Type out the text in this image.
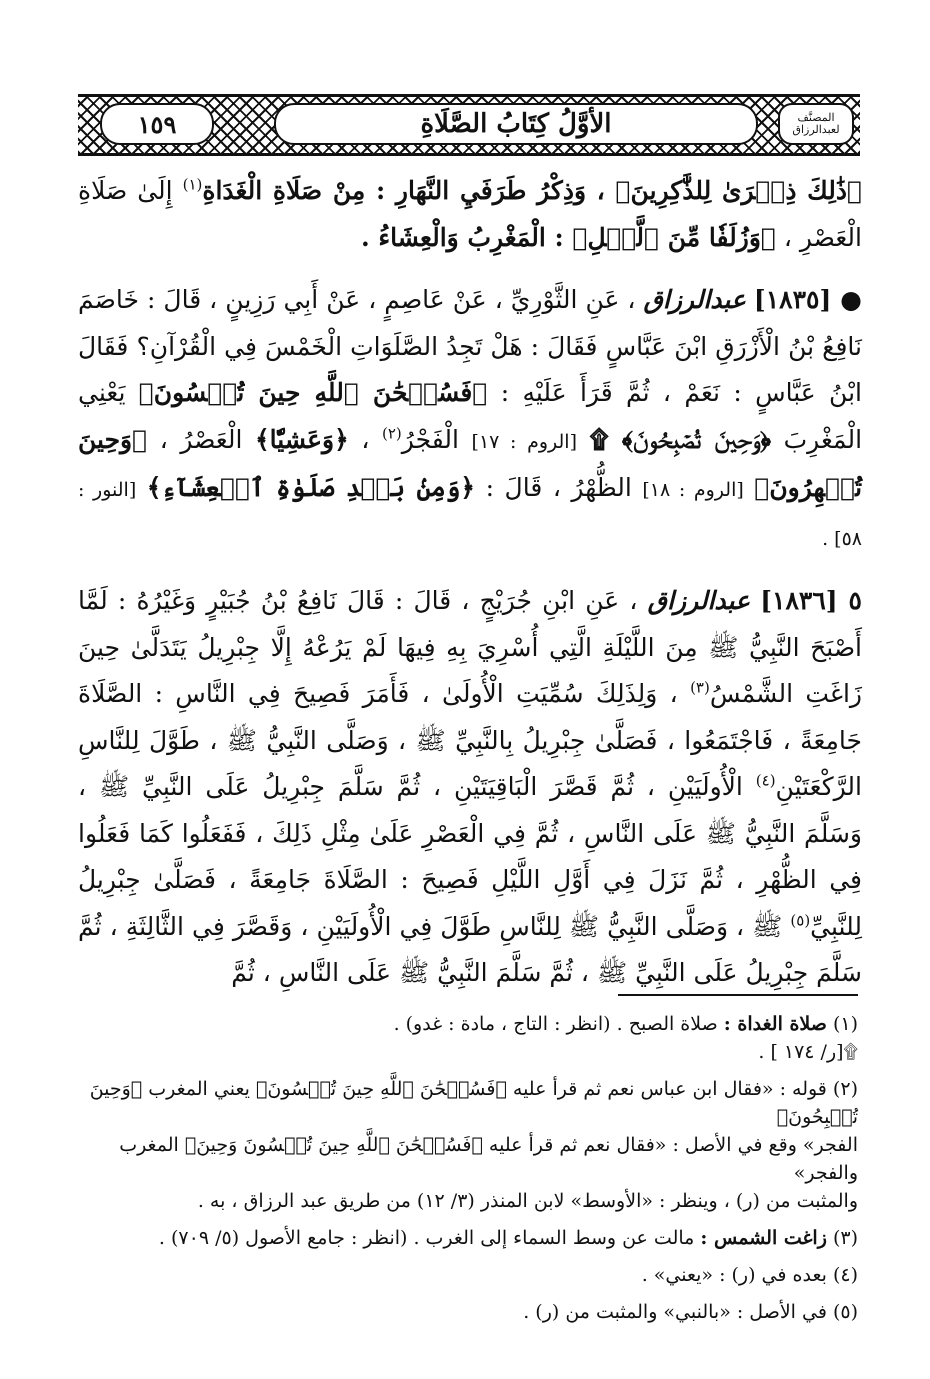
١٥٩	الأوَّلُ كِتَابُ الصَّلَاةِ	المصنَّف
لعبدالرزاق

﴿ذَٰلِكَ ذِكۡرَىٰ لِلذَّٰكِرِينَ﴾ ، وَذِكْرُ طَرَفَيِ النَّهَارِ : مِنْ صَلَاةِ الْغَدَاةِ$^{(١)}$ إِلَىٰ صَلَاةِ الْعَصْرِ ، ﴿وَزُلَفٗا مِّنَ ٱلَّيۡلِ﴾ : الْمَغْرِبُ وَالْعِشَاءُ .

● [١٨٣٥] عبدالرزاق ، عَنِ الثَّوْرِيِّ ، عَنْ عَاصِمٍ ، عَنْ أَبِي رَزِينٍ ، قَالَ : خَاصَمَ نَافِعُ بْنُ الْأَزْرَقِ ابْنَ عَبَّاسٍ فَقَالَ : هَلْ تَجِدُ الصَّلَوَاتِ الْخَمْسَ فِي الْقُرْآنِ؟ فَقَالَ ابْنُ عَبَّاسٍ : نَعَمْ ، ثُمَّ قَرَأَ عَلَيْهِ : ﴿فَسُبۡحَٰنَ ٱللَّهِ حِينَ تُمۡسُونَ﴾ يَعْنِي الْمَغْرِبَ ﴿وَحِينَ تُصۡبِحُونَ﴾ ۩ [الروم : ١٧] الْفَجْرُ$^{(٢)}$ ، ﴿وَعَشِيّٗا﴾ الْعَصْرُ ، ﴿وَحِينَ تُظۡهِرُونَ﴾ [الروم : ١٨] الظُّهْرُ ، قَالَ : ﴿وَمِنۢ بَعۡدِ صَلَوٰةِ ٱلۡعِشَآءِ﴾ [النور : ٥٨] .

٥ [١٨٣٦] عبدالرزاق ، عَنِ ابْنِ جُرَيْجٍ ، قَالَ : قَالَ نَافِعُ بْنُ جُبَيْرٍ وَغَيْرُهُ : لَمَّا أَصْبَحَ النَّبِيُّ ﷺ مِنَ اللَّيْلَةِ الَّتِي أُسْرِيَ بِهِ فِيهَا لَمْ يَرُعْهُ إِلَّا جِبْرِيلُ يَتَدَلَّىٰ حِينَ زَاغَتِ الشَّمْسُ$^{(٣)}$ ، وَلِذَلِكَ سُمِّيَتِ الْأُولَىٰ ، فَأَمَرَ فَصِيحَ فِي النَّاسِ : الصَّلَاةَ جَامِعَةً ، فَاجْتَمَعُوا ، فَصَلَّىٰ جِبْرِيلُ بِالنَّبِيِّ ﷺ ، وَصَلَّى النَّبِيُّ ﷺ ، طَوَّلَ لِلنَّاسِ الرَّكْعَتَيْنِ$^{(٤)}$ الْأُولَيَيْنِ ، ثُمَّ قَصَّرَ الْبَاقِيَتَيْنِ ، ثُمَّ سَلَّمَ جِبْرِيلُ عَلَى النَّبِيِّ ﷺ ، وَسَلَّمَ النَّبِيُّ ﷺ عَلَى النَّاسِ ، ثُمَّ فِي الْعَصْرِ عَلَىٰ مِثْلِ ذَلِكَ ، فَفَعَلُوا كَمَا فَعَلُوا فِي الظُّهْرِ ، ثُمَّ نَزَلَ فِي أَوَّلِ اللَّيْلِ فَصِيحَ : الصَّلَاةَ جَامِعَةً ، فَصَلَّىٰ جِبْرِيلُ لِلنَّبِيِّ$^{(٥)}$ ﷺ ، وَصَلَّى النَّبِيُّ ﷺ لِلنَّاسِ طَوَّلَ فِي الْأُولَيَيْنِ ، وَقَصَّرَ فِي الثَّالِثَةِ ، ثُمَّ سَلَّمَ جِبْرِيلُ عَلَى النَّبِيِّ ﷺ ، ثُمَّ سَلَّمَ النَّبِيُّ ﷺ عَلَى النَّاسِ ، ثُمَّ

(١) صلاة الغداة : صلاة الصبح . (انظر : التاج ، مادة : غدو) .

۩[ر/ ١٧٤ ] .

(٢) قوله : «فقال ابن عباس نعم ثم قرأ عليه ﴿فَسُبۡحَٰنَ ٱللَّهِ حِينَ تُمۡسُونَ﴾ يعني المغرب ﴿وَحِينَ تُصۡبِحُونَ﴾
الفجر» وقع في الأصل : «فقال نعم ثم قرأ عليه ﴿فَسُبۡحَٰنَ ٱللَّهِ حِينَ تُمۡسُونَ وَحِينَ﴾ المغرب والفجر»
والمثبت من (ر) ، وينظر : «الأوسط» لابن المنذر (٣/ ١٢) من طريق عبد الرزاق ، به .

(٣) زاغت الشمس : مالت عن وسط السماء إلى الغرب . (انظر : جامع الأصول (٥/ ٧٠٩) .

(٤) بعده في (ر) : «يعني» .

(٥) في الأصل : «بالنبي» والمثبت من (ر) .
